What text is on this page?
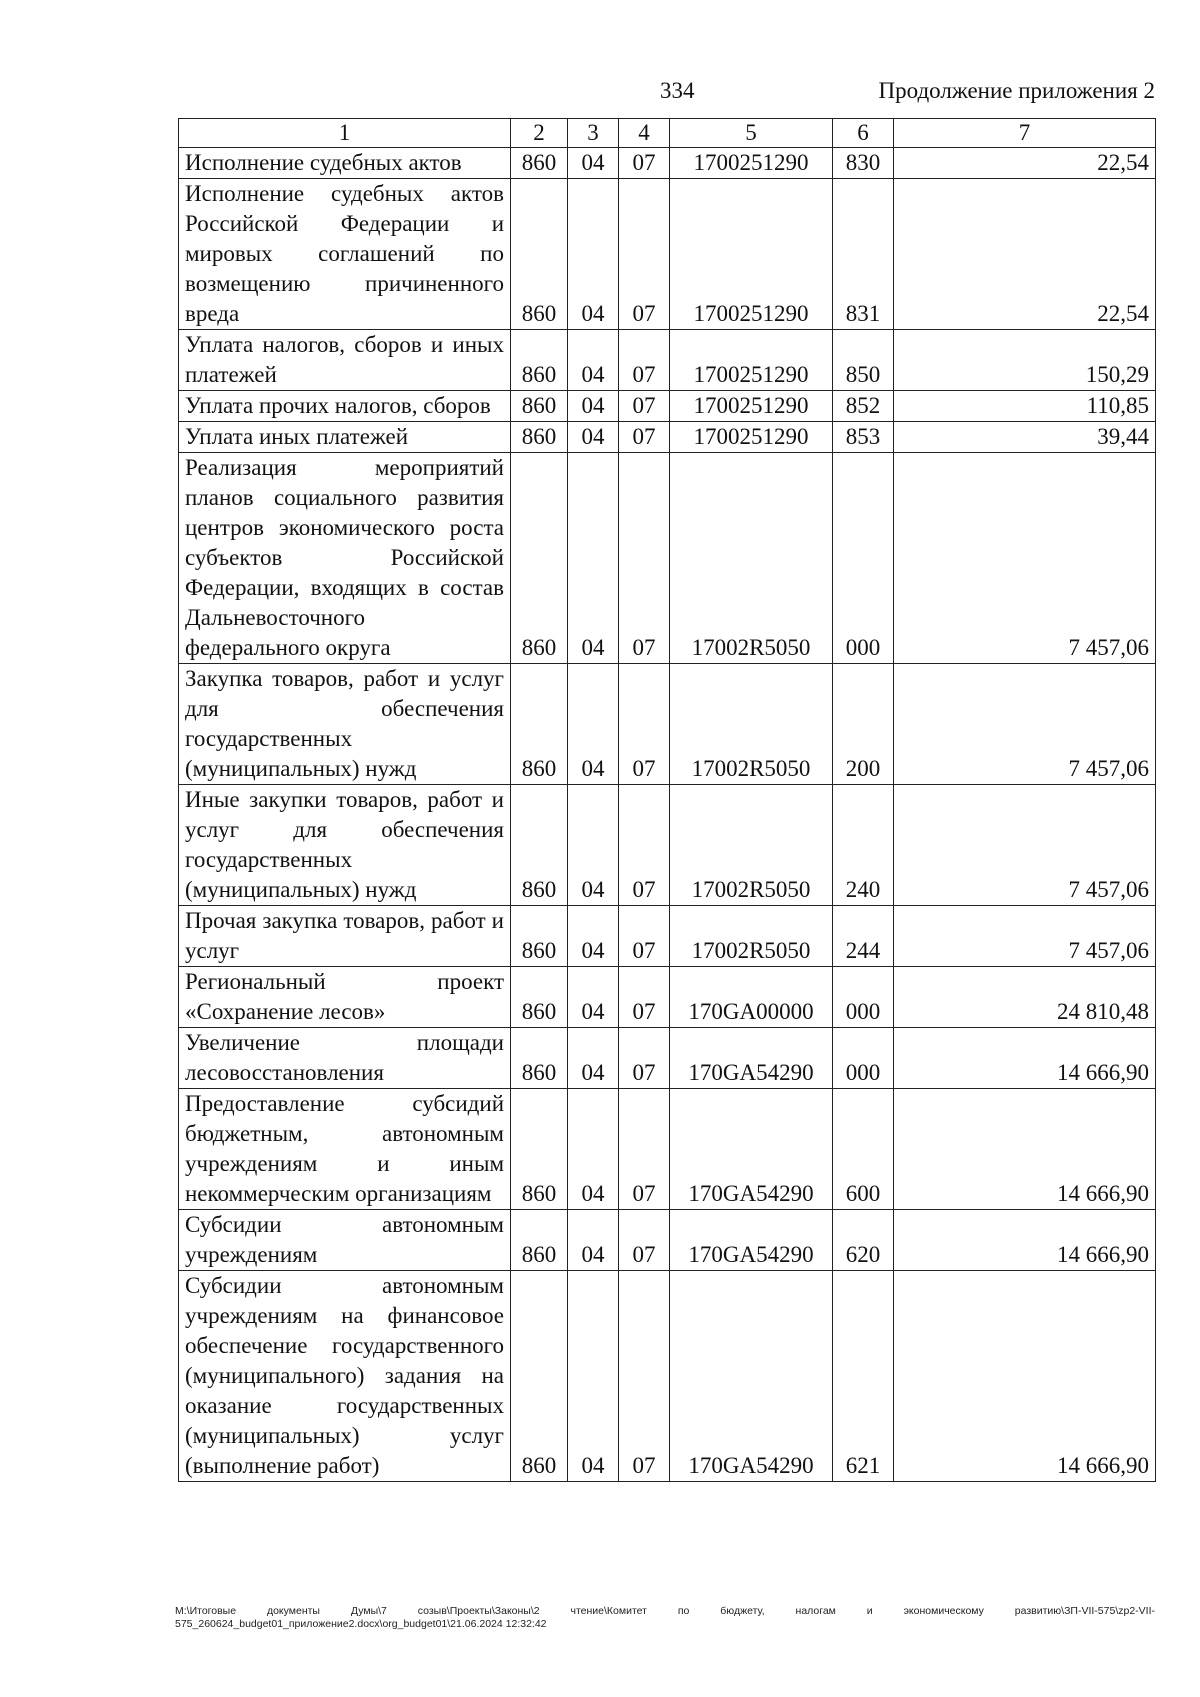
334	Продолжение приложения 2
1	2	3	4	5	6	7
Исполнение судебных актов	860	04	07	1700251290	830	22,54
Исполнение судебных актов Российской Федерации и мировых соглашений по возмещению причиненного вреда	860	04	07	1700251290	831	22,54
Уплата налогов, сборов и иных платежей	860	04	07	1700251290	850	150,29
Уплата прочих налогов, сборов	860	04	07	1700251290	852	110,85
Уплата иных платежей	860	04	07	1700251290	853	39,44
Реализация мероприятий планов социального развития центров экономического роста субъектов Российской Федерации, входящих в состав Дальневосточного федерального округа	860	04	07	17002R5050	000	7 457,06
Закупка товаров, работ и услуг для обеспечения государственных (муниципальных) нужд	860	04	07	17002R5050	200	7 457,06
Иные закупки товаров, работ и услуг для обеспечения государственных (муниципальных) нужд	860	04	07	17002R5050	240	7 457,06
Прочая закупка товаров, работ и услуг	860	04	07	17002R5050	244	7 457,06
Региональный проект «Сохранение лесов»	860	04	07	170GA00000	000	24 810,48
Увеличение площади лесовосстановления	860	04	07	170GA54290	000	14 666,90
Предоставление субсидий бюджетным, автономным учреждениям и иным некоммерческим организациям	860	04	07	170GA54290	600	14 666,90
Субсидии автономным учреждениям	860	04	07	170GA54290	620	14 666,90
Субсидии автономным учреждениям на финансовое обеспечение государственного (муниципального) задания на оказание государственных (муниципальных) услуг (выполнение работ)	860	04	07	170GA54290	621	14 666,90
M:\Итоговые документы Думы\7 созыв\Проекты\Законы\2 чтение\Комитет по бюджету, налогам и экономическому развитию\ЗП-VII-575\zp2-VII-575_260624_budget01_приложение2.docx\org_budget01\21.06.2024 12:32:42
